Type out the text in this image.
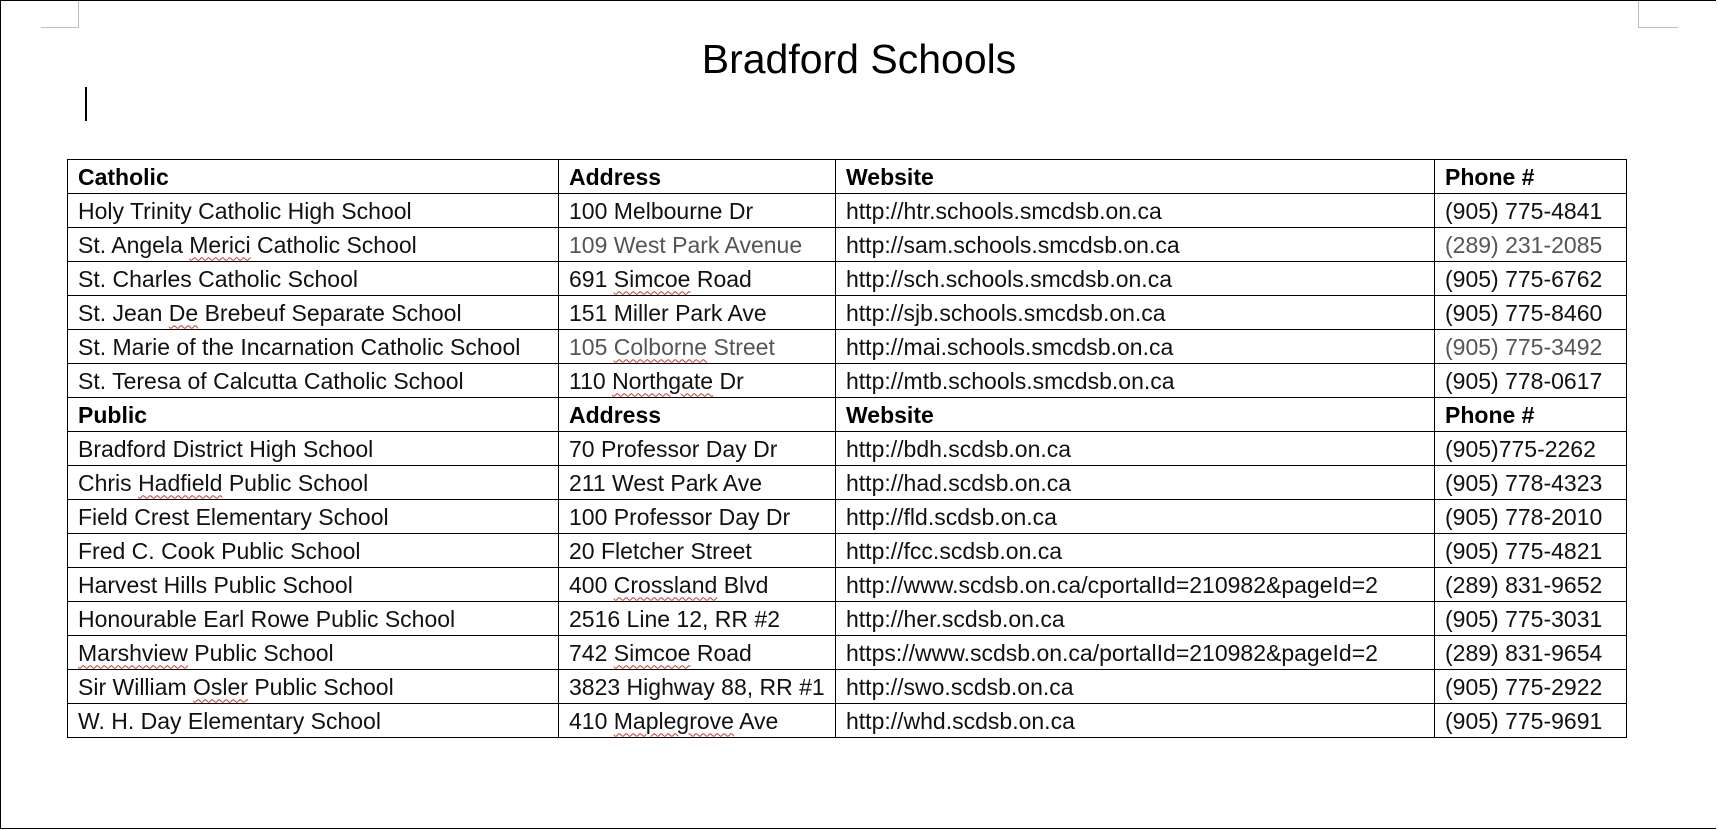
Bradford Schools
Catholic	Address	Website	Phone #
Holy Trinity Catholic High School	100 Melbourne Dr	http://htr.schools.smcdsb.on.ca	(905) 775-4841
St. Angela Merici Catholic School	109 West Park Avenue	http://sam.schools.smcdsb.on.ca	(289) 231-2085
St. Charles Catholic School	691 Simcoe Road	http://sch.schools.smcdsb.on.ca	(905) 775-6762
St. Jean De Brebeuf Separate School	151 Miller Park Ave	http://sjb.schools.smcdsb.on.ca	(905) 775-8460
St. Marie of the Incarnation Catholic School	105 Colborne Street	http://mai.schools.smcdsb.on.ca	(905) 775-3492
St. Teresa of Calcutta Catholic School	110 Northgate Dr	http://mtb.schools.smcdsb.on.ca	(905) 778-0617
Public	Address	Website	Phone #
Bradford District High School	70 Professor Day Dr	http://bdh.scdsb.on.ca	(905)775-2262
Chris Hadfield Public School	211 West Park Ave	http://had.scdsb.on.ca	(905) 778-4323
Field Crest Elementary School	100 Professor Day Dr	http://fld.scdsb.on.ca	(905) 778-2010
Fred C. Cook Public School	20 Fletcher Street	http://fcc.scdsb.on.ca	(905) 775-4821
Harvest Hills Public School	400 Crossland Blvd	http://www.scdsb.on.ca/cportalId=210982&pageId=2	(289) 831-9652
Honourable Earl Rowe Public School	2516 Line 12, RR #2	http://her.scdsb.on.ca	(905) 775-3031
Marshview Public School	742 Simcoe Road	https://www.scdsb.on.ca/portalId=210982&pageId=2	(289) 831-9654
Sir William Osler Public School	3823 Highway 88, RR #1	http://swo.scdsb.on.ca	(905) 775-2922
W. H. Day Elementary School	410 Maplegrove Ave	http://whd.scdsb.on.ca	(905) 775-9691
